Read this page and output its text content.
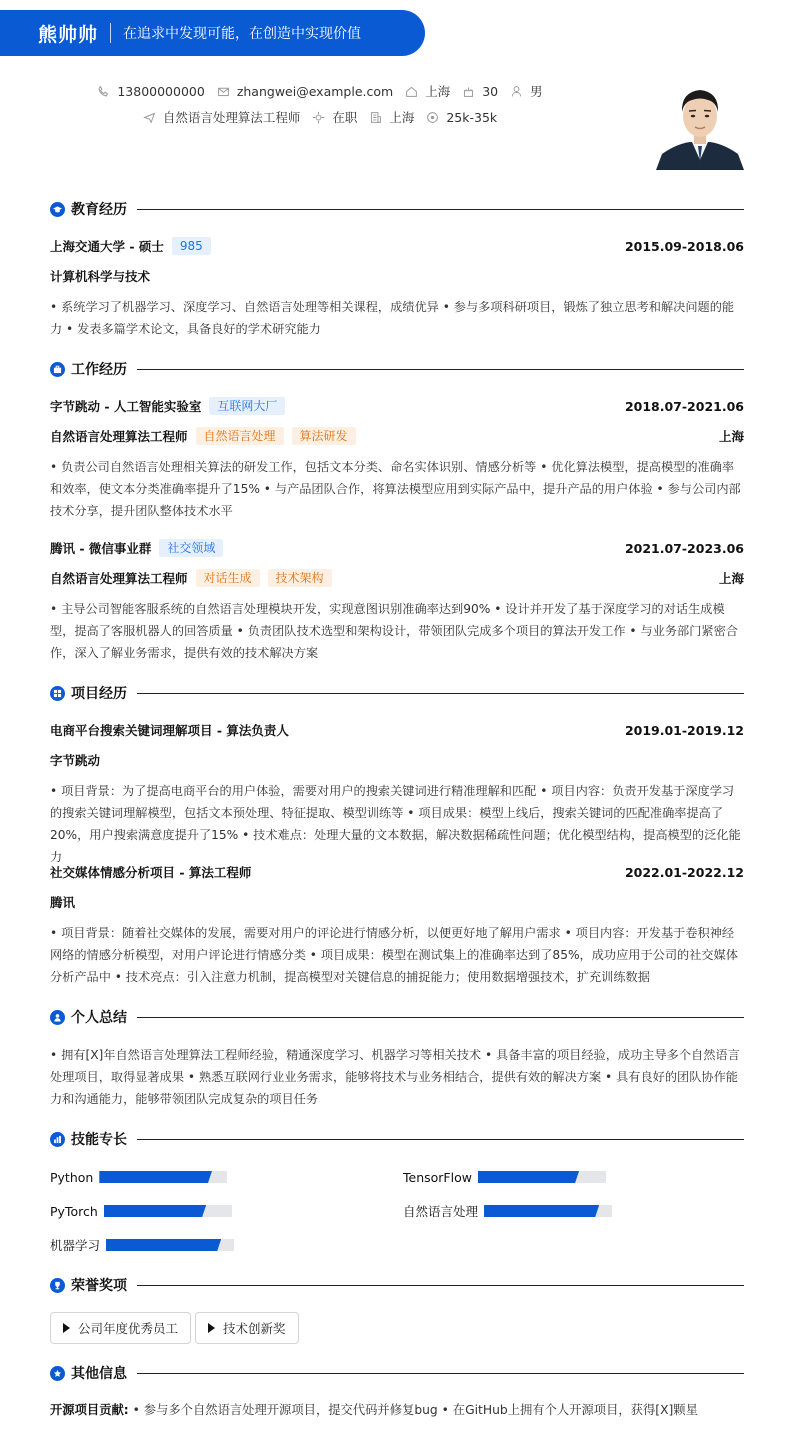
熊帅帅 在追求中发现可能，在创造中实现价值
13800000000	zhangwei@example.com	上海	30	男
自然语言处理算法工程师	在职	上海	25k-35k
教育经历
上海交通大学 - 硕士	985	2015.09-2018.06
计算机科学与技术
• 系统学习了机器学习、深度学习、自然语言处理等相关课程，成绩优异 • 参与多项科研项目，锻炼了独立思考和解决问题的能力 • 发表多篇学术论文，具备良好的学术研究能力
工作经历
字节跳动 - 人工智能实验室	互联网大厂	2018.07-2021.06
自然语言处理算法工程师	自然语言处理	算法研发	上海
• 负责公司自然语言处理相关算法的研发工作，包括文本分类、命名实体识别、情感分析等 • 优化算法模型，提高模型的准确率和效率，使文本分类准确率提升了15% • 与产品团队合作，将算法模型应用到实际产品中，提升产品的用户体验 • 参与公司内部技术分享，提升团队整体技术水平
腾讯 - 微信事业群	社交领域	2021.07-2023.06
自然语言处理算法工程师	对话生成	技术架构	上海
• 主导公司智能客服系统的自然语言处理模块开发，实现意图识别准确率达到90% • 设计并开发了基于深度学习的对话生成模型，提高了客服机器人的回答质量 • 负责团队技术选型和架构设计，带领团队完成多个项目的算法开发工作 • 与业务部门紧密合作，深入了解业务需求，提供有效的技术解决方案
项目经历
电商平台搜索关键词理解项目 - 算法负责人	2019.01-2019.12
字节跳动
• 项目背景：为了提高电商平台的用户体验，需要对用户的搜索关键词进行精准理解和匹配 • 项目内容：负责开发基于深度学习的搜索关键词理解模型，包括文本预处理、特征提取、模型训练等 • 项目成果：模型上线后，搜索关键词的匹配准确率提高了20%，用户搜索满意度提升了15% • 技术难点：处理大量的文本数据，解决数据稀疏性问题；优化模型结构，提高模型的泛化能力
社交媒体情感分析项目 - 算法工程师	2022.01-2022.12
腾讯
• 项目背景：随着社交媒体的发展，需要对用户的评论进行情感分析，以便更好地了解用户需求 • 项目内容：开发基于卷积神经网络的情感分析模型，对用户评论进行情感分类 • 项目成果：模型在测试集上的准确率达到了85%，成功应用于公司的社交媒体分析产品中 • 技术亮点：引入注意力机制，提高模型对关键信息的捕捉能力；使用数据增强技术，扩充训练数据
个人总结
• 拥有[X]年自然语言处理算法工程师经验，精通深度学习、机器学习等相关技术 • 具备丰富的项目经验，成功主导多个自然语言处理项目，取得显著成果 • 熟悉互联网行业业务需求，能够将技术与业务相结合，提供有效的解决方案 • 具有良好的团队协作能力和沟通能力，能够带领团队完成复杂的项目任务
技能专长
Python	TensorFlow
PyTorch	自然语言处理
机器学习
荣誉奖项
公司年度优秀员工	技术创新奖
其他信息
开源项目贡献: • 参与多个自然语言处理开源项目，提交代码并修复bug • 在GitHub上拥有个人开源项目，获得[X]颗星
